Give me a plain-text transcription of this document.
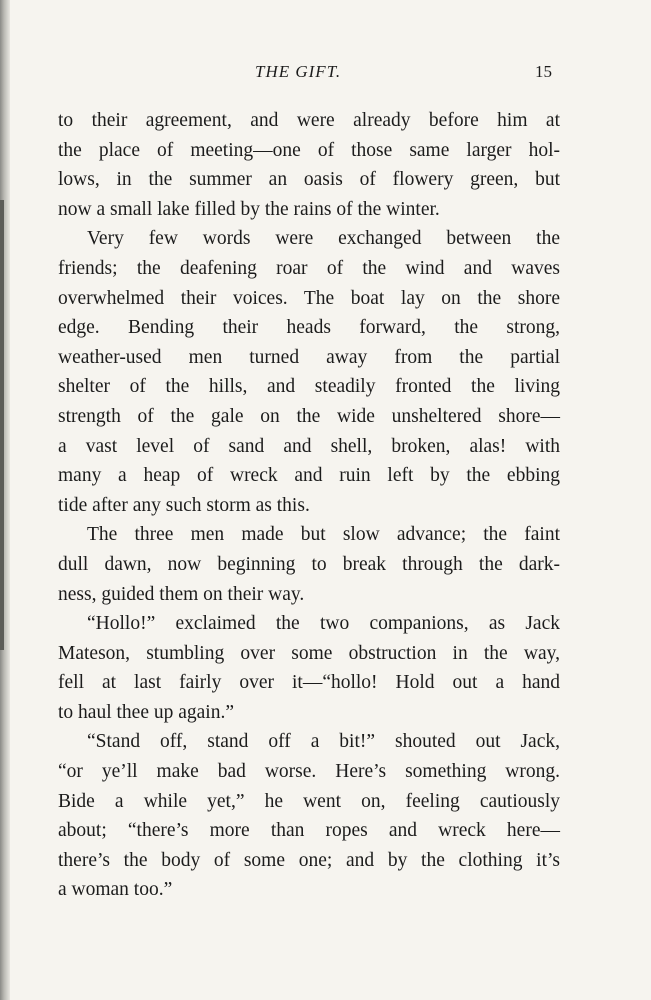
THE GIFT.	15
to their agreement, and were already before him at
the place of meeting—one of those same larger hol-
lows, in the summer an oasis of flowery green, but
now a small lake filled by the rains of the winter.
Very few words were exchanged between the
friends; the deafening roar of the wind and waves
overwhelmed their voices. The boat lay on the shore
edge. Bending their heads forward, the strong,
weather-used men turned away from the partial
shelter of the hills, and steadily fronted the living
strength of the gale on the wide unsheltered shore—
a vast level of sand and shell, broken, alas! with
many a heap of wreck and ruin left by the ebbing
tide after any such storm as this.
The three men made but slow advance; the faint
dull dawn, now beginning to break through the dark-
ness, guided them on their way.
“Hollo!” exclaimed the two companions, as Jack
Mateson, stumbling over some obstruction in the way,
fell at last fairly over it—“hollo! Hold out a hand
to haul thee up again.”
“Stand off, stand off a bit!” shouted out Jack,
“or ye’ll make bad worse. Here’s something wrong.
Bide a while yet,” he went on, feeling cautiously
about; “there’s more than ropes and wreck here—
there’s the body of some one; and by the clothing it’s
a woman too.”
